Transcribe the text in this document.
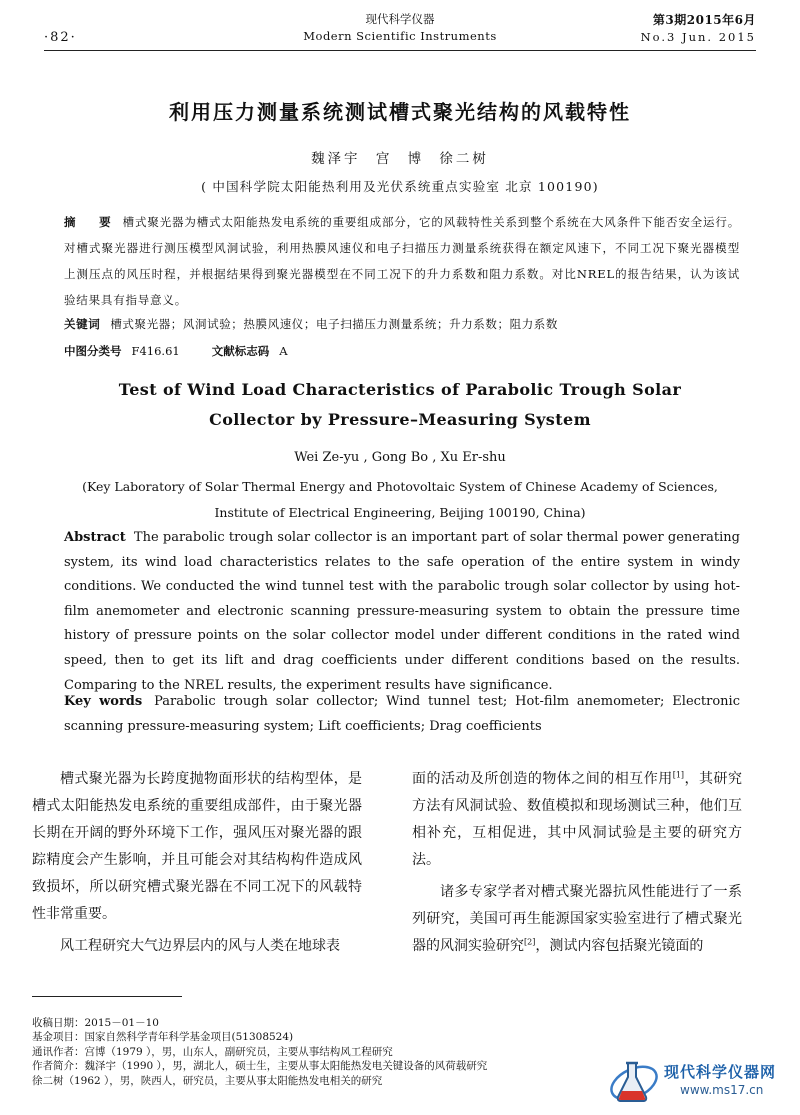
·82·
现代科学仪器
Modern Scientific Instruments
第3期2015年6月
No.3 Jun. 2015
利用压力测量系统测试槽式聚光结构的风载特性
魏泽宇 宫 博 徐二树
( 中国科学院太阳能热利用及光伏系统重点实验室 北京 100190)
摘　要 槽式聚光器为槽式太阳能热发电系统的重要组成部分，它的风载特性关系到整个系统在大风条件下能否安全运行。对槽式聚光器进行测压模型风洞试验，利用热膜风速仪和电子扫描压力测量系统获得在额定风速下，不同工况下聚光器模型上测压点的风压时程，并根据结果得到聚光器模型在不同工况下的升力系数和阻力系数。对比NREL的报告结果，认为该试验结果具有指导意义。
关键词 槽式聚光器；风洞试验；热膜风速仪；电子扫描压力测量系统；升力系数；阻力系数
中图分类号 F416.61	文献标志码 A
Test of Wind Load Characteristics of Parabolic Trough Solar
Collector by Pressure–Measuring System
Wei Ze-yu , Gong Bo , Xu Er-shu
(Key Laboratory of Solar Thermal Energy and Photovoltaic System of Chinese Academy of Sciences,
Institute of Electrical Engineering, Beijing 100190, China)
Abstract The parabolic trough solar collector is an important part of solar thermal power generating system, its wind load characteristics relates to the safe operation of the entire system in windy conditions. We conducted the wind tunnel test with the parabolic trough solar collector by using hot-film anemometer and electronic scanning pressure-measuring system to obtain the pressure time history of pressure points on the solar collector model under different conditions in the rated wind speed, then to get its lift and drag coefficients under different conditions based on the results. Comparing to the NREL results, the experiment results have significance.
Key words Parabolic trough solar collector; Wind tunnel test; Hot-film anemometer; Electronic scanning pressure-measuring system; Lift coefficients; Drag coefficients

槽式聚光器为长跨度抛物面形状的结构型体，是槽式太阳能热发电系统的重要组成部件，由于聚光器长期在开阔的野外环境下工作，强风压对聚光器的跟踪精度会产生影响，并且可能会对其结构构件造成风致损坏，所以研究槽式聚光器在不同工况下的风载特性非常重要。

风工程研究大气边界层内的风与人类在地球表

面的活动及所创造的物体之间的相互作用[1]，其研究方法有风洞试验、数值模拟和现场测试三种，他们互相补充，互相促进，其中风洞试验是主要的研究方法。

诸多专家学者对槽式聚光器抗风性能进行了一系列研究，美国可再生能源国家实验室进行了槽式聚光器的风洞实验研究[2]，测试内容包括聚光镜面的

收稿日期：2015－01－10
基金项目：国家自然科学青年科学基金项目(51308524)
通讯作者：宫博（1979 ），男，山东人，副研究员，主要从事结构风工程研究
作者简介：魏泽宇（1990 ），男，湖北人，硕士生，主要从事太阳能热发电关键设备的风荷载研究
徐二树（1962 ），男，陕西人，研究员，主要从事太阳能热发电相关的研究	现代科学仪器网
www.ms17.cn
